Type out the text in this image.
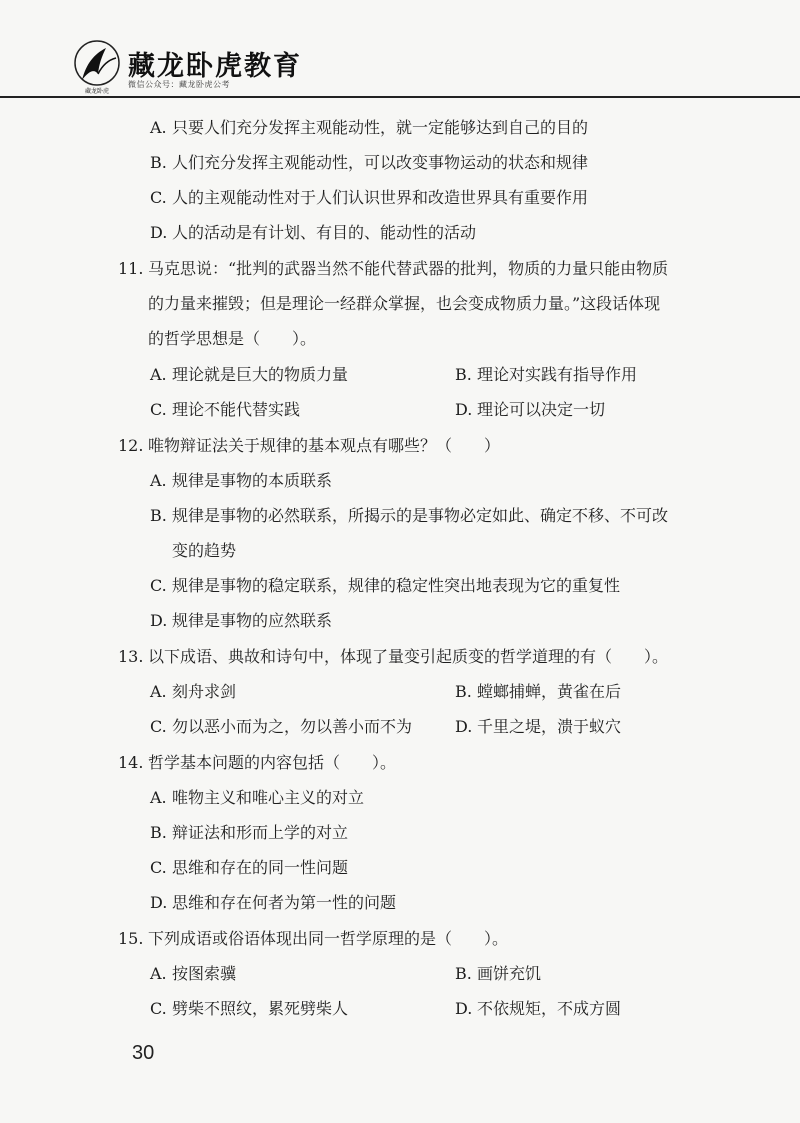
藏龙卧虎
藏龙卧虎教育
微信公众号：藏龙卧虎公考
A. 只要人们充分发挥主观能动性，就一定能够达到自己的目的
B. 人们充分发挥主观能动性，可以改变事物运动的状态和规律
C. 人的主观能动性对于人们认识世界和改造世界具有重要作用
D. 人的活动是有计划、有目的、能动性的活动
11. 马克思说：“批判的武器当然不能代替武器的批判，物质的力量只能由物质
的力量来摧毁；但是理论一经群众掌握，也会变成物质力量。”这段话体现
的哲学思想是（　　）。
A. 理论就是巨大的物质力量	B. 理论对实践有指导作用
C. 理论不能代替实践	D. 理论可以决定一切
12. 唯物辩证法关于规律的基本观点有哪些？（　　）
A. 规律是事物的本质联系
B. 规律是事物的必然联系，所揭示的是事物必定如此、确定不移、不可改
变的趋势
C. 规律是事物的稳定联系，规律的稳定性突出地表现为它的重复性
D. 规律是事物的应然联系
13. 以下成语、典故和诗句中，体现了量变引起质变的哲学道理的有（　　）。
A. 刻舟求剑	B. 螳螂捕蝉，黄雀在后
C. 勿以恶小而为之，勿以善小而不为	D. 千里之堤，溃于蚁穴
14. 哲学基本问题的内容包括（　　）。
A. 唯物主义和唯心主义的对立
B. 辩证法和形而上学的对立
C. 思维和存在的同一性问题
D. 思维和存在何者为第一性的问题
15. 下列成语或俗语体现出同一哲学原理的是（　　）。
A. 按图索骥	B. 画饼充饥
C. 劈柴不照纹，累死劈柴人	D. 不依规矩，不成方圆
30
